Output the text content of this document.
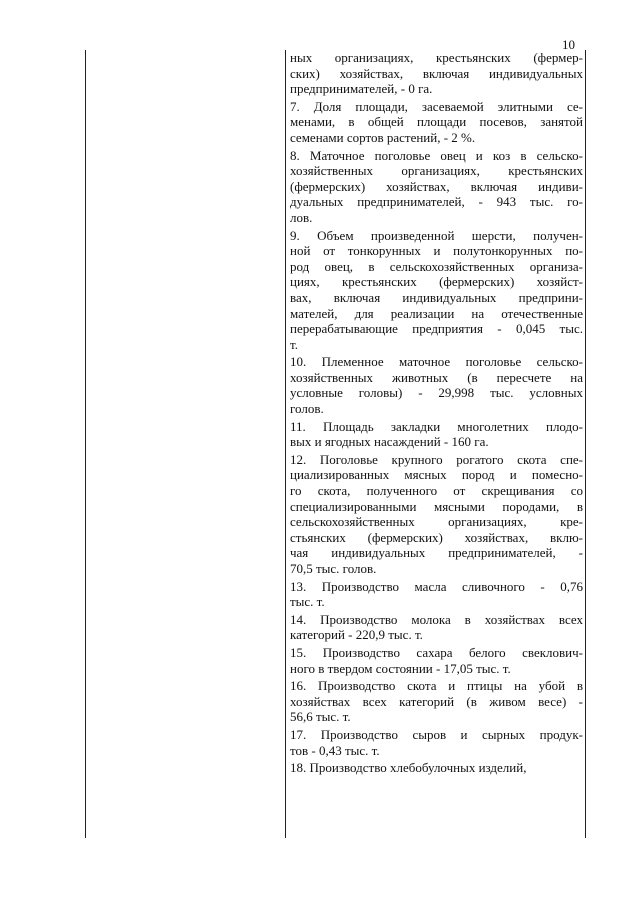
10
ных организациях, крестьянских (фермер-
ских) хозяйствах, включая индивидуальных
предпринимателей, - 0 га.
7. Доля площади, засеваемой элитными се-
менами, в общей площади посевов, занятой
семенами сортов растений, - 2 %.
8. Маточное поголовье овец и коз в сельско-
хозяйственных организациях, крестьянских
(фермерских) хозяйствах, включая индиви-
дуальных предпринимателей, - 943 тыс. го-
лов.
9. Объем произведенной шерсти, получен-
ной от тонкорунных и полутонкорунных по-
род овец, в сельскохозяйственных организа-
циях, крестьянских (фермерских) хозяйст-
вах, включая индивидуальных предприни-
мателей, для реализации на отечественные
перерабатывающие предприятия - 0,045 тыс.
т.
10. Племенное маточное поголовье сельско-
хозяйственных животных (в пересчете на
условные головы) - 29,998 тыс. условных
голов.
11. Площадь закладки многолетних плодо-
вых и ягодных насаждений - 160 га.
12. Поголовье крупного рогатого скота спе-
циализированных мясных пород и помесно-
го скота, полученного от скрещивания со
специализированными мясными породами, в
сельскохозяйственных организациях, кре-
стьянских (фермерских) хозяйствах, вклю-
чая индивидуальных предпринимателей, -
70,5 тыс. голов.
13. Производство масла сливочного - 0,76
тыс. т.
14. Производство молока в хозяйствах всех
категорий - 220,9 тыс. т.
15. Производство сахара белого свеклович-
ного в твердом состоянии - 17,05 тыс. т.
16. Производство скота и птицы на убой в
хозяйствах всех категорий (в живом весе) -
56,6 тыс. т.
17. Производство сыров и сырных продук-
тов - 0,43 тыс. т.
18. Производство хлебобулочных изделий,
